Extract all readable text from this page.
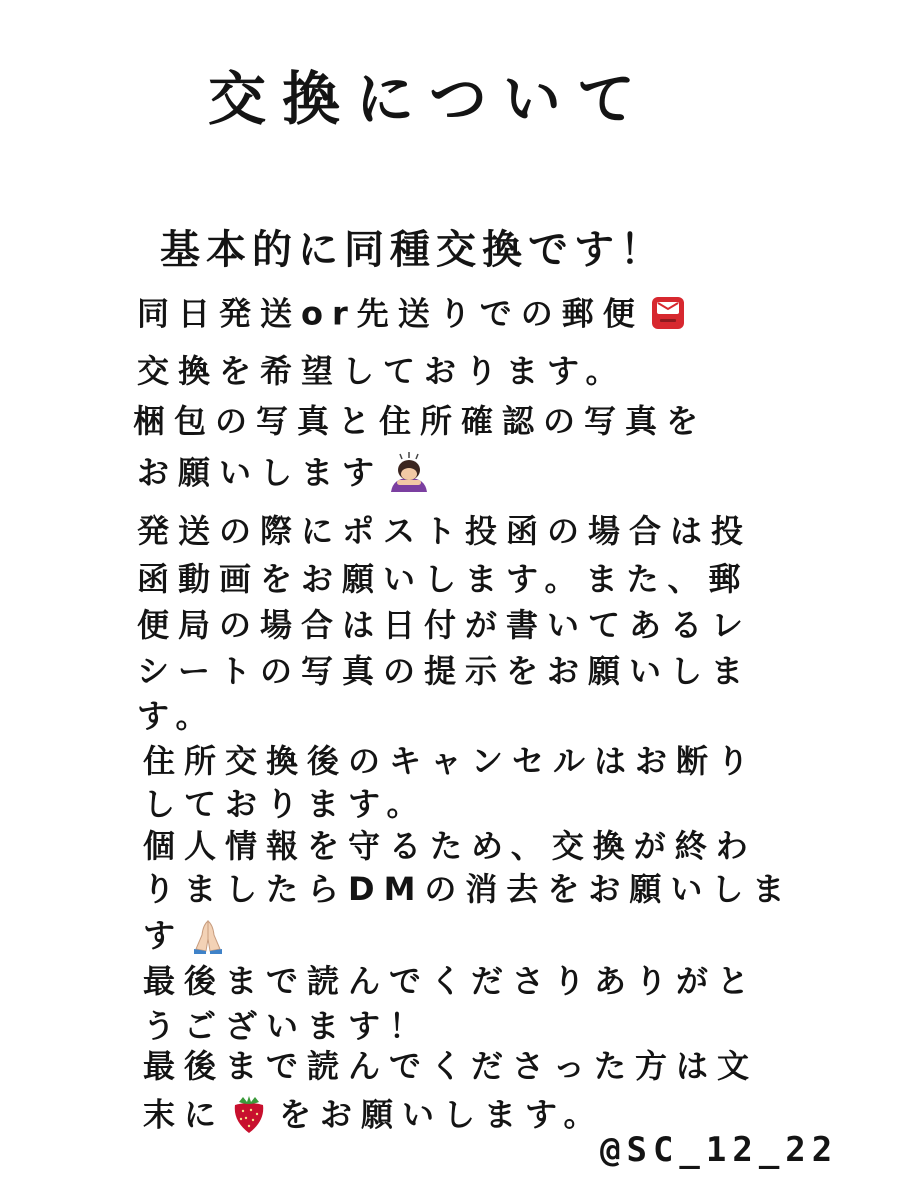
交換について
基本的に同種交換です！
同日発送or先送りでの郵便
交換を希望しております。
梱包の写真と住所確認の写真を
お願いします
発送の際にポスト投函の場合は投
函動画をお願いします。また、郵
便局の場合は日付が書いてあるレ
シートの写真の提示をお願いしま
す。
住所交換後のキャンセルはお断り
しております。
個人情報を守るため、交換が終わ
りましたらDMの消去をお願いしま
す
最後まで読んでくださりありがと
うございます！
最後まで読んでくださった方は文
末に をお願いします。
@SC_12_22
